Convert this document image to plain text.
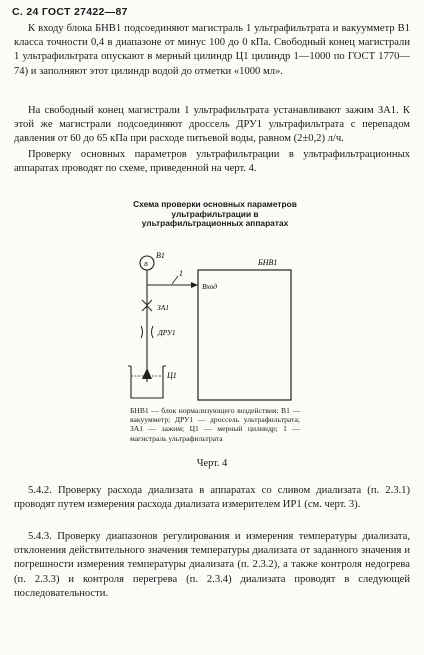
С. 24 ГОСТ 27422—87

К входу блока БНВ1 подсоединяют магистраль 1 ультрафильтрата и вакуумметр В1 класса точности 0,4 в диапазоне от минус 100 до 0 кПа. Свободный конец магистрали 1 ультрафильтрата опускают в мерный цилиндр Ц1 цилиндр 1—1000 по ГОСТ 1770—74) и заполняют этот цилиндр водой до отметки «1000 мл».

На свободный конец магистрали 1 ультрафильтрата устанавливают зажим ЗА1. К этой же магистрали подсоединяют дроссель ДРУ1 ультрафильтрата с перепадом давления от 60 до 65 кПа при расходе питьевой воды, равном (2±0,2) л/ч.

Проверку основных параметров ультрафильтрации в ультрафильтрационных аппаратах проводят по схеме, приведенной на черт. 4.

Схема проверки основных параметров ультрафильтрации в ультрафильтрационных аппаратах
БНВ1
Вход
B
В1
1
ЗА1
ДРУ1
Ц1
БНВ1 — блок нормализующего воздействия; В1 — вакуумметр; ДРУ1 — дроссель ультрафильтрата; ЗА1 — зажим; Ц1 — мерный цилиндр; 1 — магистраль ультрафильтрата
Черт. 4

5.4.2. Проверку расхода диализата в аппаратах со сливом диализата (п. 2.3.1) проводят путем измерения расхода диализата измерителем ИР1 (см. черт. 3).

5.4.3. Проверку диапазонов регулирования и измерения температуры диализата, отклонения действительного значения температуры диализата от заданного значения и погрешности измерения температуры диализата (п. 2.3.2), а также контроля недогрева (п. 2.3.3) и контроля перегрева (п. 2.3.4) диализата проводят в следующей последовательности.
